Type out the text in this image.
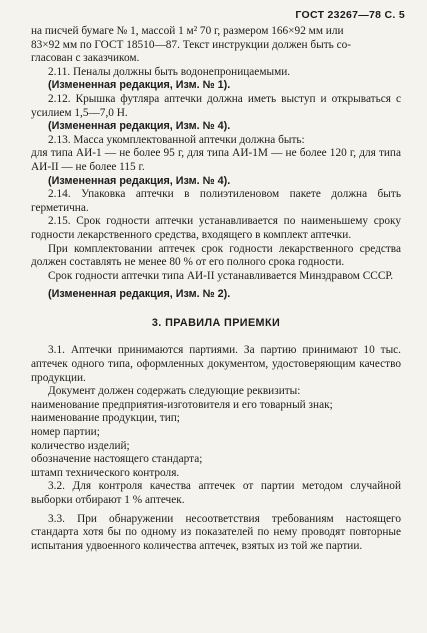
ГОСТ 23267—78 С. 5

на писчей бумаге № 1, массой 1 м² 70 г, размером 166×92 мм или

83×92 мм по ГОСТ 18510—87. Текст инструкции должен быть со-

гласован с заказчиком.

2.11. Пеналы должны быть водонепроницаемыми.

(Измененная редакция, Изм. № 1).

2.12. Крышка футляра аптечки должна иметь выступ и открываться с усилием 1,5—7,0 Н.

(Измененная редакция, Изм. № 4).

2.13. Масса укомплектованной аптечки должна быть:

для типа АИ-1 — не более 95 г, для типа АИ-1М — не более 120 г, для типа АИ-II — не более 115 г.

(Измененная редакция, Изм. № 4).

2.14. Упаковка аптечки в полиэтиленовом пакете должна быть герметична.

2.15. Срок годности аптечки устанавливается по наименьшему сроку годности лекарственного средства, входящего в комплект аптечки.

При комплектовании аптечек срок годности лекарственного средства должен составлять не менее 80 % от его полного срока годности.

Срок годности аптечки типа АИ-II устанавливается Минздравом СССР.

(Измененная редакция, Изм. № 2).

3. ПРАВИЛА ПРИЕМКИ

3.1. Аптечки принимаются партиями. За партию принимают 10 тыс. аптечек одного типа, оформленных документом, удостоверяющим качество продукции.

Документ должен содержать следующие реквизиты:

наименование предприятия-изготовителя и его товарный знак;

наименование продукции, тип;

номер партии;

количество изделий;

обозначение настоящего стандарта;

штамп технического контроля.

3.2. Для контроля качества аптечек от партии методом случайной выборки отбирают 1 % аптечек.

3.3. При обнаружении несоответствия требованиям настоящего стандарта хотя бы по одному из показателей по нему проводят повторные испытания удвоенного количества аптечек, взятых из той же партии.
